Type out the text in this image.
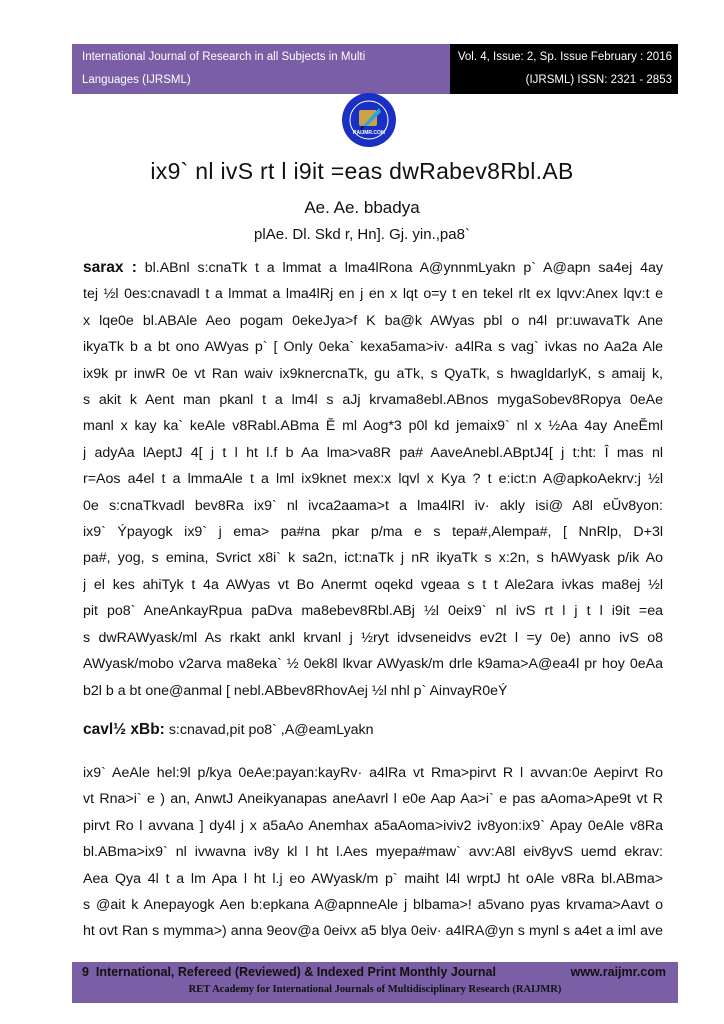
International Journal of Research in all Subjects in Multi
Languages (IJRSML)
Vol. 4, Issue: 2, Sp. Issue February : 2016
(IJRSML) ISSN: 2321 - 2853
RAIJMR.COM
ix9` nl ivS rt l i9it =eas dwRabev8Rbl.AB
Ae. Ae. bbadya
plAe. Dl. Skd r, Hn]. Gj. yin.,pa8`
sarax : bl.ABnl s:cnaTk t a lmmat a lma4lRona A@ynnmLyakn p` A@apn sa4ej 4ay
tej ½l 0es:cnavadl t a lmmat a lma4lRj en j en x lqt o=y t en tekel rlt ex lqvv:Anex lqv:t e
x lqe0e bl.ABAle Aeo pogam 0ekeJya>f K ba@k AWyas pbl o n4l pr:uwavaTk Ane
ikyaTk b a bt ono AWyas p` [ Only 0eka` kexa5ama>iv· a4lRa s vag` ivkas no Aa2a Ale
ix9k pr inwR 0e vt Ran waiv ix9knercnaTk, gu aTk, s QyaTk, s hwagldarlyK, s amaij k,
s akit k Aent man pkanl t a lm4l s aJj krvama8ebl.ABnos mygaSobev8Ropya 0eAe
manl x kay ka` keAle v8Rabl.ABma Ĕ ml Aog*3 p0l kd jemaix9` nl x ½Aa 4ay AneĔml
j adyAa lAeptJ 4[ j t l ht l.f b Aa lma>va8R pa# AaveAnebl.ABptJ4[ j t:ht: Î mas nl
r=Aos a4el t a lmmaAle t a lml ix9knet mex:x lqvl x Kya ? t e:ict:n A@apkoAekrv:j ½l
0e s:cnaTkvadl bev8Ra ix9` nl ivca2aama>t a lma4lRl iv· akly isi@ A8l eŬv8yon:
ix9` Ýpayogk ix9` j ema> pa#na pkar p/ma e s tepa#,Alempa#, [ NnRlp, D+3l
pa#, yog, s emina, Svrict x8i` k sa2n, ict:naTk j nR ikyaTk s x:2n, s hAWyask p/ik Ao
j el kes ahiTyk t 4a AWyas vt Bo Anermt oqekd vgeaa s t t Ale2ara ivkas ma8ej ½l
pit po8` AneAnkayRpua paDva ma8ebev8Rbl.ABj ½l 0eix9` nl ivS rt l j t l i9it =ea
s dwRAWyask/ml As rkakt ankl krvanl j ½ryt idvseneidvs ev2t l =y 0e) anno ivS o8
AWyask/mobo v2arva ma8eka` ½ 0ek8l lkvar AWyask/m drle k9ama>A@ea4l pr hoy 0eAa
b2l b a bt one@anmal [ nebl.ABbev8RhovAej ½l nhl p` AinvayR0eÝ
cavl½ xBb: s:cnavad,pit po8` ,A@eamLyakn
ix9` AeAle hel:9l p/kya 0eAe:payan:kayRv· a4lRa vt Rma>pirvt R l avvan:0e Aepirvt Ro
vt Rna>i` e ) an, AnwtJ Aneikyanapas aneAavrl l e0e Aap Aa>i` e pas aAoma>Ape9t vt R
pirvt Ro l avvana ] dy4l j x a5aAo Anemhax a5aAoma>iviv2 iv8yon:ix9` Apay 0eAle v8Ra
bl.ABma>ix9` nl ivwavna iv8y kl l ht l.Aes myepa#maw` avv:A8l eiv8yvS uemd ekrav:
Aea Qya 4l t a lm Apa l ht l.j eo AWyask/m p` maiht l4l wrptJ ht oAle v8Ra bl.ABma>
s @ait k Anepayogk Aen b:epkana A@apnneAle j blbama>! a5vano pyas krvama>Aavt o
ht ovt Ran s mymma>) anna 9eov@a 0eivx a5 blya 0eiv· a4lRA@yn s mynl s a4et a iml ave
9 International, Refereed (Reviewed) & Indexed Print Monthly Journal	www.raijmr.com
RET Academy for International Journals of Multidisciplinary Research (RAIJMR)
